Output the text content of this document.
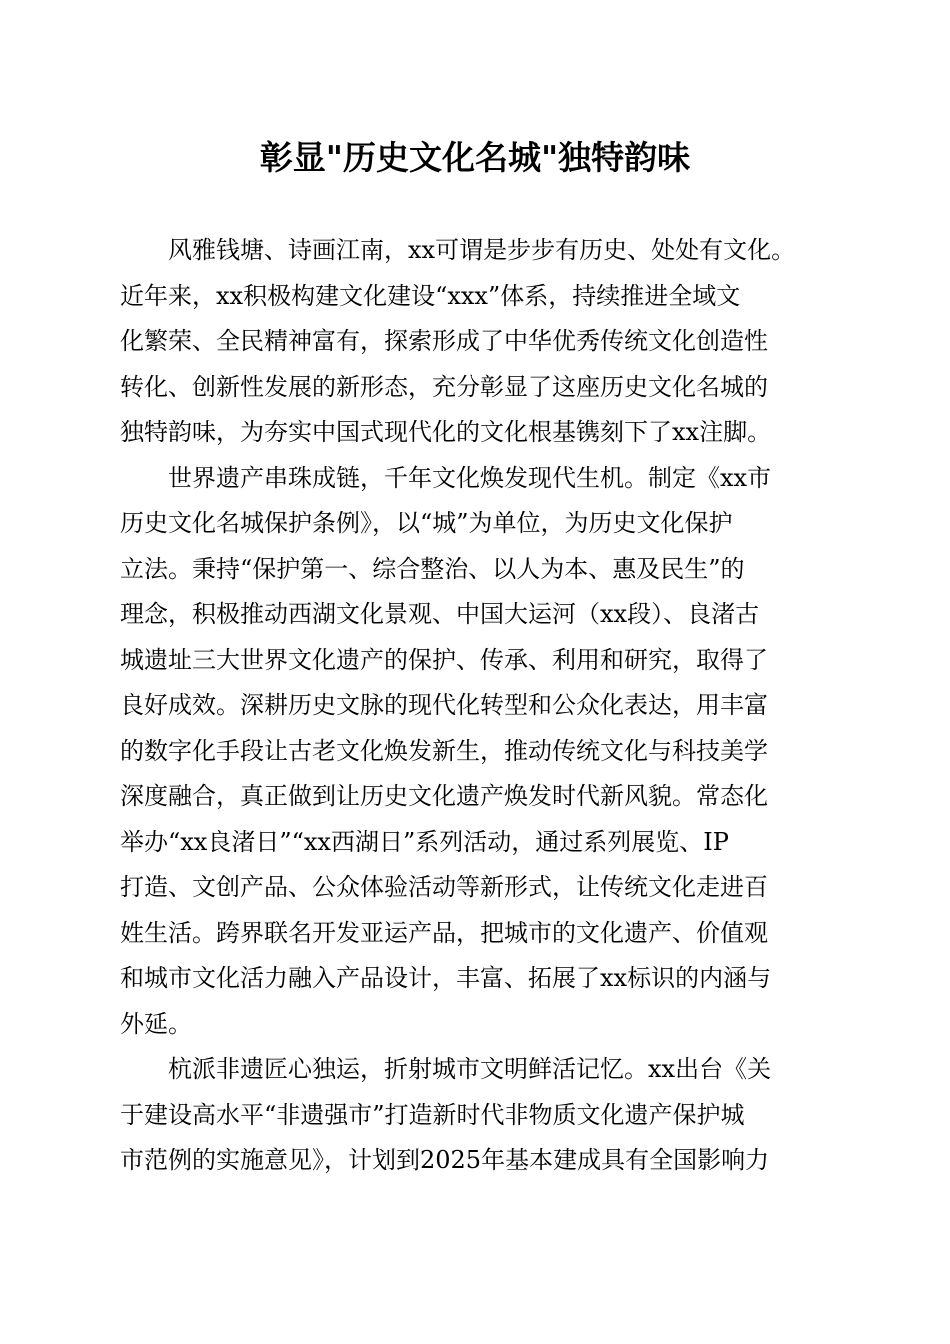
彰显"历史文化名城"独特韵味
风雅钱塘、诗画江南，xx可谓是步步有历史、处处有文化。
近年来，xx积极构建文化建设“xxx”体系，持续推进全域文
化繁荣、全民精神富有，探索形成了中华优秀传统文化创造性
转化、创新性发展的新形态，充分彰显了这座历史文化名城的
独特韵味，为夯实中国式现代化的文化根基镌刻下了xx注脚。
世界遗产串珠成链，千年文化焕发现代生机。制定《xx市
历史文化名城保护条例》，以“城”为单位，为历史文化保护
立法。秉持“保护第一、综合整治、以人为本、惠及民生”的
理念，积极推动西湖文化景观、中国大运河（xx段）、良渚古
城遗址三大世界文化遗产的保护、传承、利用和研究，取得了
良好成效。深耕历史文脉的现代化转型和公众化表达，用丰富
的数字化手段让古老文化焕发新生，推动传统文化与科技美学
深度融合，真正做到让历史文化遗产焕发时代新风貌。常态化
举办“xx良渚日”“xx西湖日”系列活动，通过系列展览、IP
打造、文创产品、公众体验活动等新形式，让传统文化走进百
姓生活。跨界联名开发亚运产品，把城市的文化遗产、价值观
和城市文化活力融入产品设计，丰富、拓展了xx标识的内涵与
外延。
杭派非遗匠心独运，折射城市文明鲜活记忆。xx出台《关
于建设高水平“非遗强市”打造新时代非物质文化遗产保护城
市范例的实施意见》，计划到2025年基本建成具有全国影响力
